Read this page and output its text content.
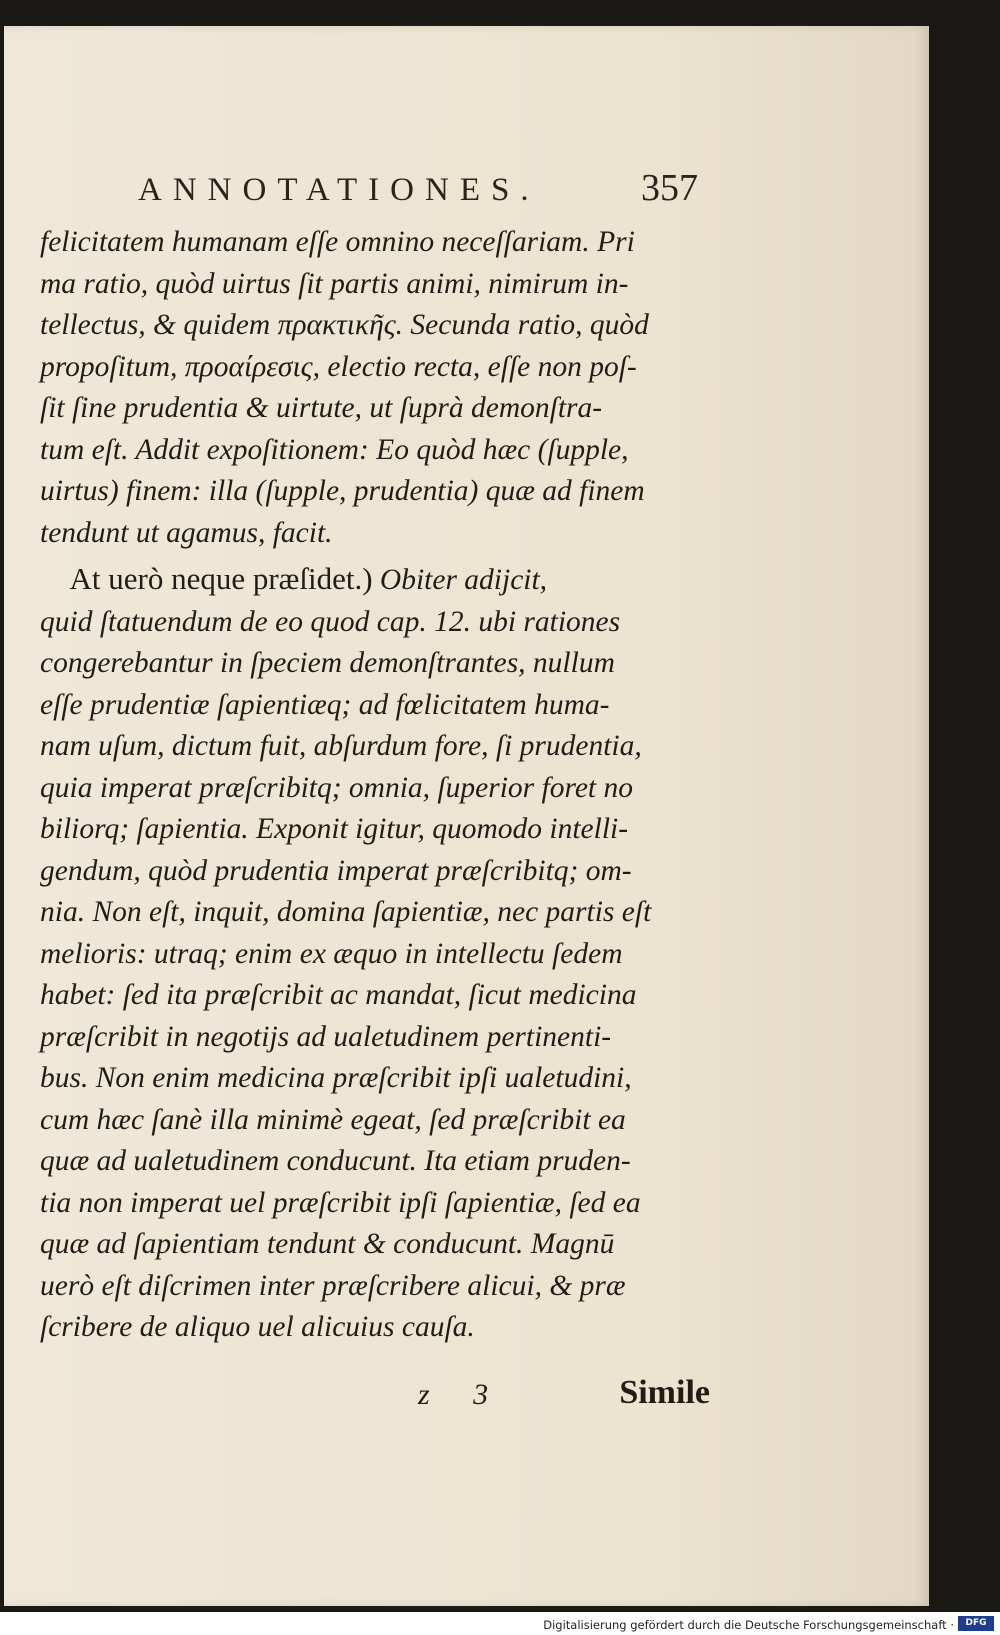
ANNOTATIONES.	357
felicitatem humanam eſſe omnino neceſſariam. Pri
ma ratio, quòd uirtus ſit partis animi, nimirum in-
tellectus, & quidem πρακτικῆς. Secunda ratio, quòd
propoſitum, προαίρεσις, electio recta, eſſe non poſ-
ſit ſine prudentia & uirtute, ut ſuprà demonſtra-
tum eſt. Addit expoſitionem: Eo quòd hæc (ſupple,
uirtus) finem: illa (ſupple, prudentia) quæ ad finem
tendunt ut agamus, facit.
 At uerò neque præſidet.) Obiter adijcit,
quid ſtatuendum de eo quod cap. 12. ubi rationes
congerebantur in ſpeciem demonſtrantes, nullum
eſſe prudentiæ ſapientiæq; ad fœlicitatem huma-
nam uſum, dictum fuit, abſurdum fore, ſi prudentia,
quia imperat præſcribitq; omnia, ſuperior foret no
biliorq; ſapientia. Exponit igitur, quomodo intelli-
gendum, quòd prudentia imperat præſcribitq; om-
nia. Non eſt, inquit, domina ſapientiæ, nec partis eſt
melioris: utraq; enim ex æquo in intellectu ſedem
habet: ſed ita præſcribit ac mandat, ſicut medicina
præſcribit in negotijs ad ualetudinem pertinenti-
bus. Non enim medicina præſcribit ipſi ualetudini,
cum hæc ſanè illa minimè egeat, ſed præſcribit ea
quæ ad ualetudinem conducunt. Ita etiam pruden-
tia non imperat uel præſcribit ipſi ſapientiæ, ſed ea
quæ ad ſapientiam tendunt & conducunt. Magnū
uerò eſt diſcrimen inter præſcribere alicui, & præ
ſcribere de aliquo uel alicuius cauſa.
z 3	Simile
Digitalisierung gefördert durch die Deutsche Forschungsgemeinschaft ·	DFG
